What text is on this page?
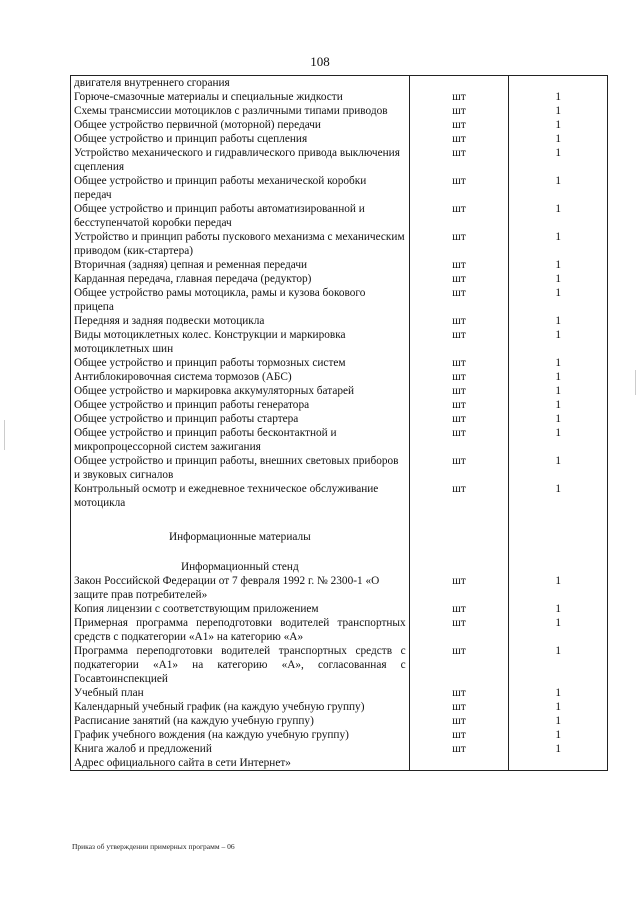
108
двигателя внутреннего сгорания		
Горюче-смазочные материалы и специальные жидкости	шт	1
Схемы трансмиссии мотоциклов с различными типами приводов	шт	1
Общее устройство первичной (моторной) передачи	шт	1
Общее устройство и принцип работы сцепления	шт	1
Устройство механического и гидравлического привода выключения сцепления	шт	1
Общее устройство и принцип работы механической коробки передач	шт	1
Общее устройство и принцип работы автоматизированной и бесступенчатой коробки передач	шт	1
Устройство и принцип работы пускового механизма с механическим приводом (кик-стартера)	шт	1
Вторичная (задняя) цепная и ременная передачи	шт	1
Карданная передача, главная передача (редуктор)	шт	1
Общее устройство рамы мотоцикла, рамы и кузова бокового прицепа	шт	1
Передняя и задняя подвески мотоцикла	шт	1
Виды мотоциклетных колес. Конструкции и маркировка мотоциклетных шин	шт	1
Общее устройство и принцип работы тормозных систем	шт	1
Антиблокировочная система тормозов (АБС)	шт	1
Общее устройство и маркировка аккумуляторных батарей	шт	1
Общее устройство и принцип работы генератора	шт	1
Общее устройство и принцип работы стартера	шт	1
Общее устройство и принцип работы бесконтактной и микропроцессорной систем зажигания	шт	1
Общее устройство и принцип работы, внешних световых приборов и звуковых сигналов	шт	1
Контрольный осмотр и ежедневное техническое обслуживание мотоцикла	шт	1
Информационные материалы		
Информационный стенд		
Закон Российской Федерации от 7 февраля 1992 г. № 2300-1 «О защите прав потребителей»	шт	1
Копия лицензии с соответствующим приложением	шт	1
Примерная программа переподготовки водителей транспортных средств с подкатегории «А1» на категорию «А»	шт	1
Программа переподготовки водителей транспортных средств с подкатегории «А1» на категорию «А», согласованная с Госавтоинспекцией	шт	1
Учебный план	шт	1
Календарный учебный график (на каждую учебную группу)	шт	1
Расписание занятий (на каждую учебную группу)	шт	1
График учебного вождения (на каждую учебную группу)	шт	1
Книга жалоб и предложений	шт	1
Адрес официального сайта в сети Интернет»		
Приказ об утверждении примерных программ – 06
